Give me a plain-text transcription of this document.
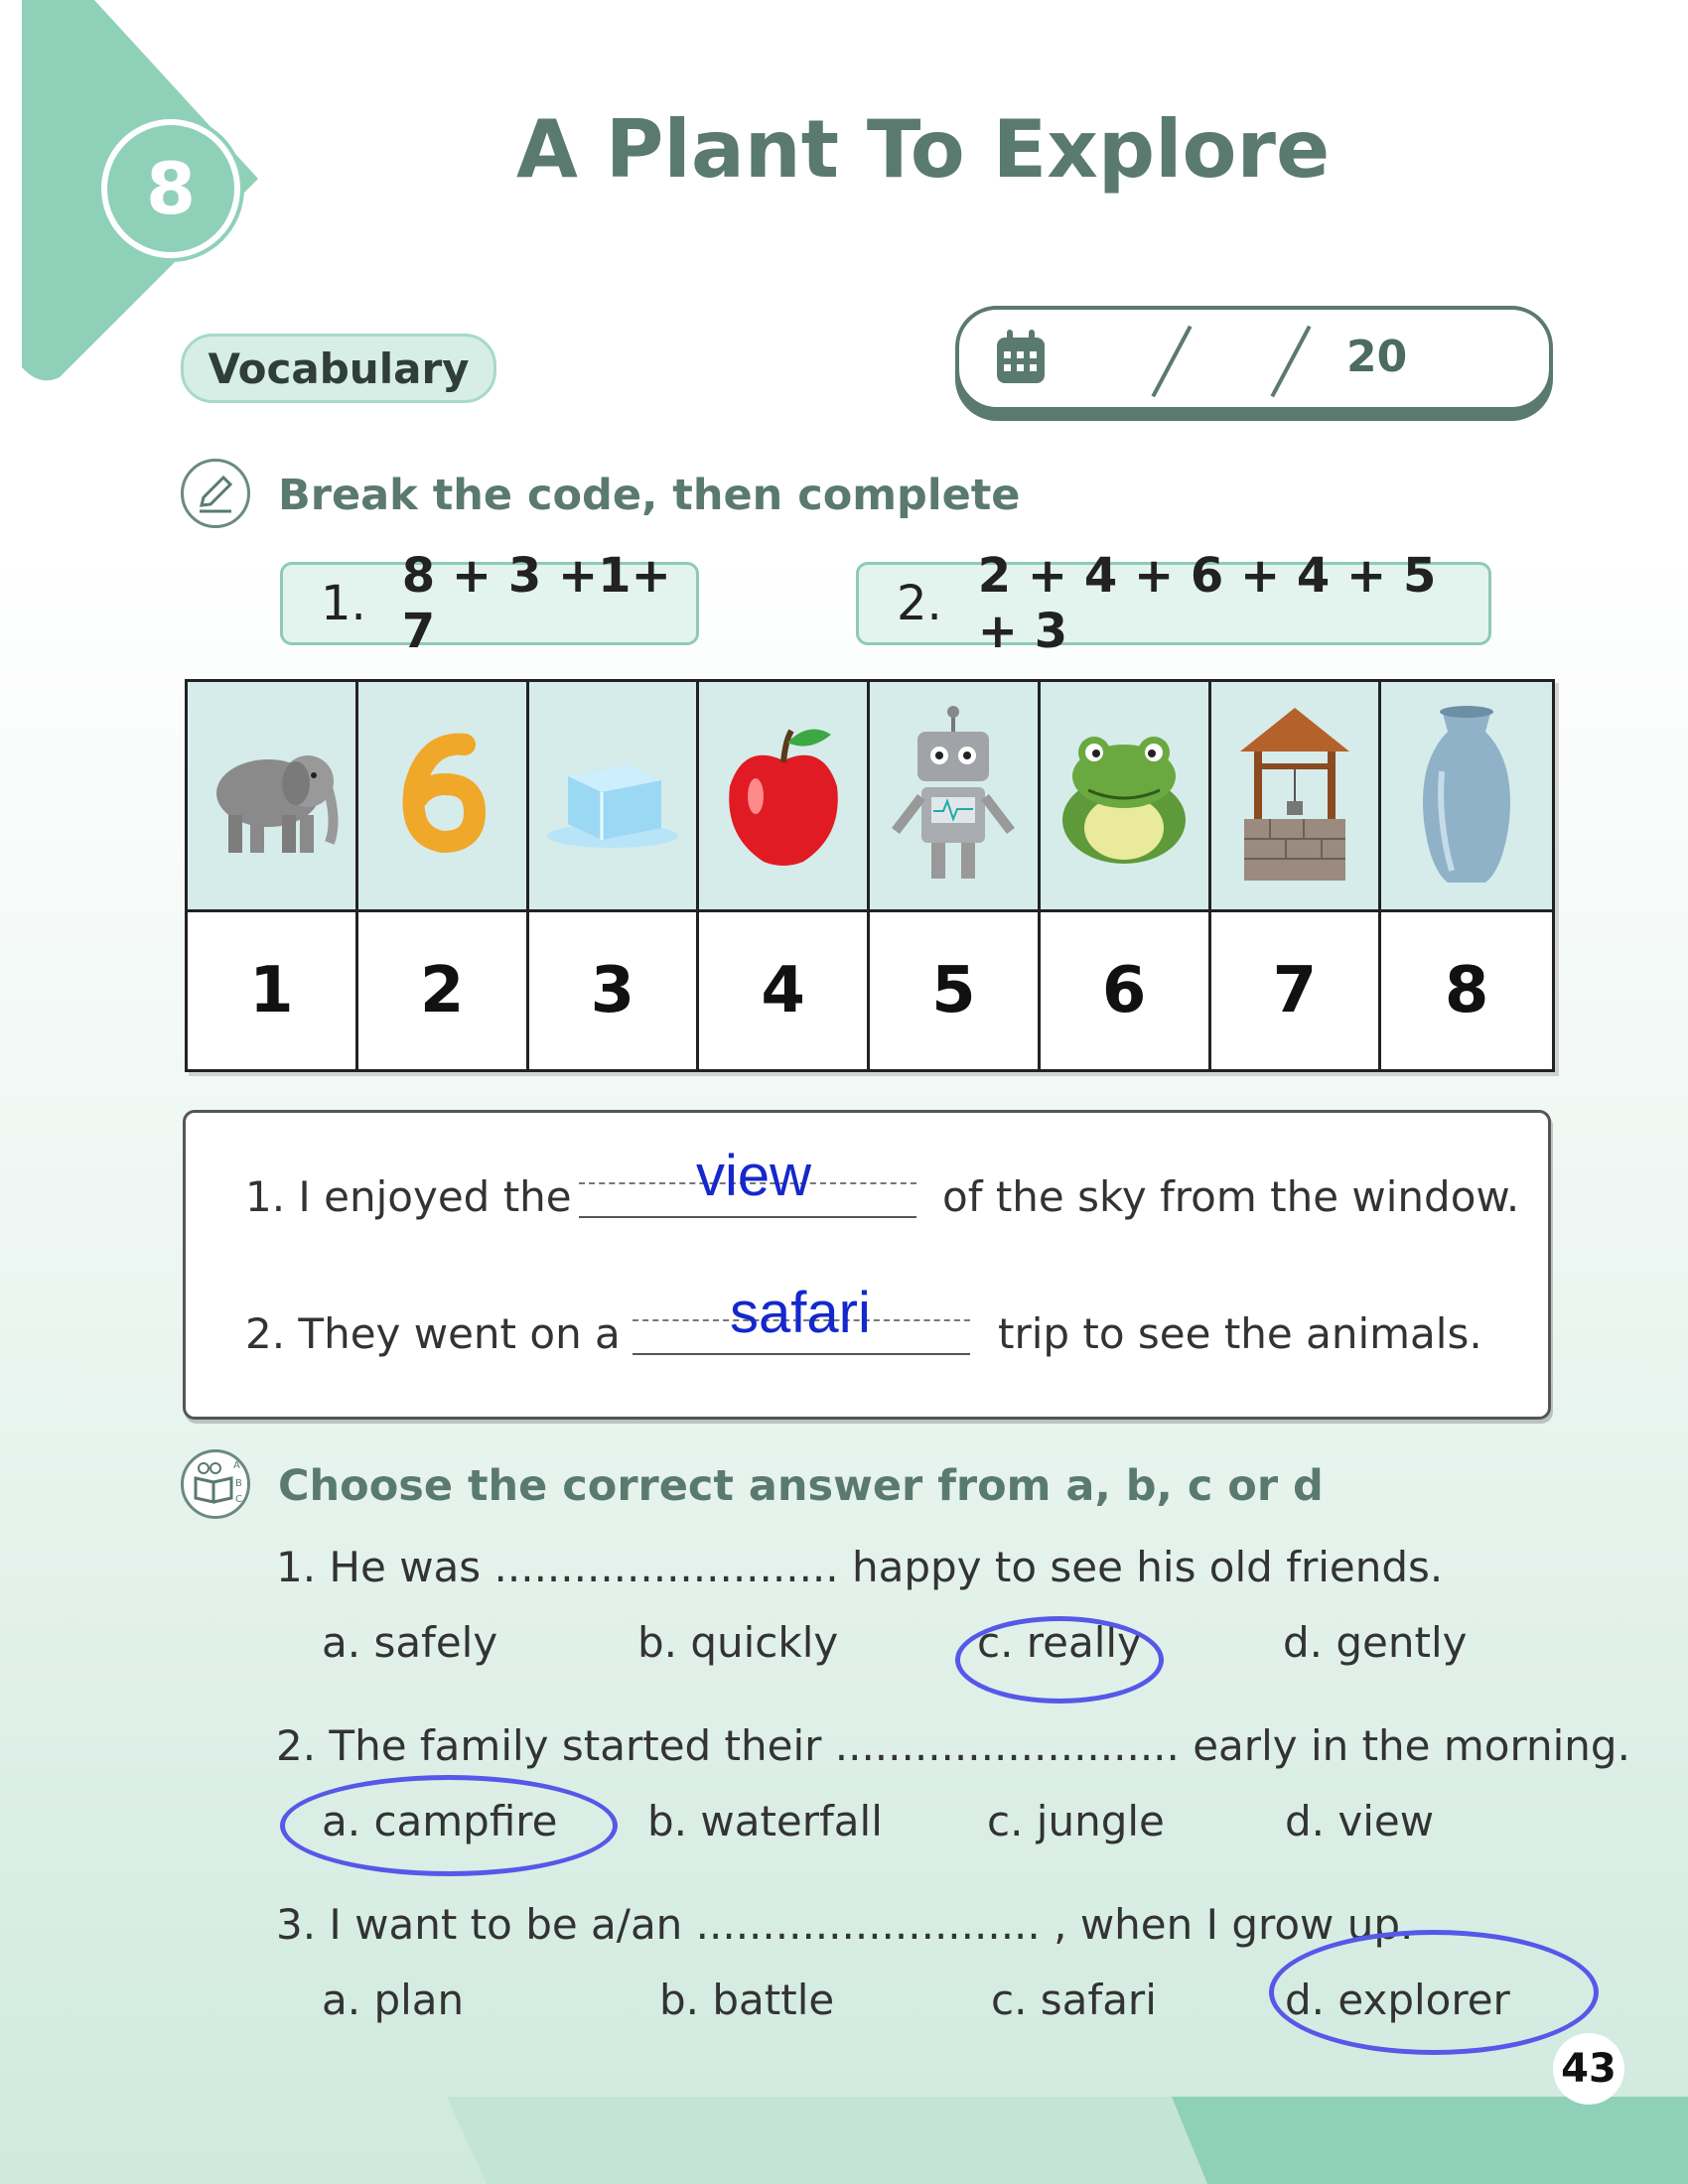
8	A Plant To Explore
Vocabulary	20
Break the code, then complete
1. 8 + 3 +1+ 7	2. 2 + 4 + 6 + 4 + 5 + 3
1	2	3	4	5	6	7	8
1. I enjoyed the view	of the sky from the window.
2. They went on a safari	trip to see the animals.
A
B
C Choose the correct answer from a, b, c or d
1. He was .......................... happy to see his old friends.
a. safely	b. quickly	c. really	d. gently
2. The family started their .......................... early in the morning.
a. campfire b. waterfall	c. jungle	d. view
3. I want to be a/an .......................... , when I grow up.
a. plan	b. battle	c. safari	d. explorer
43
